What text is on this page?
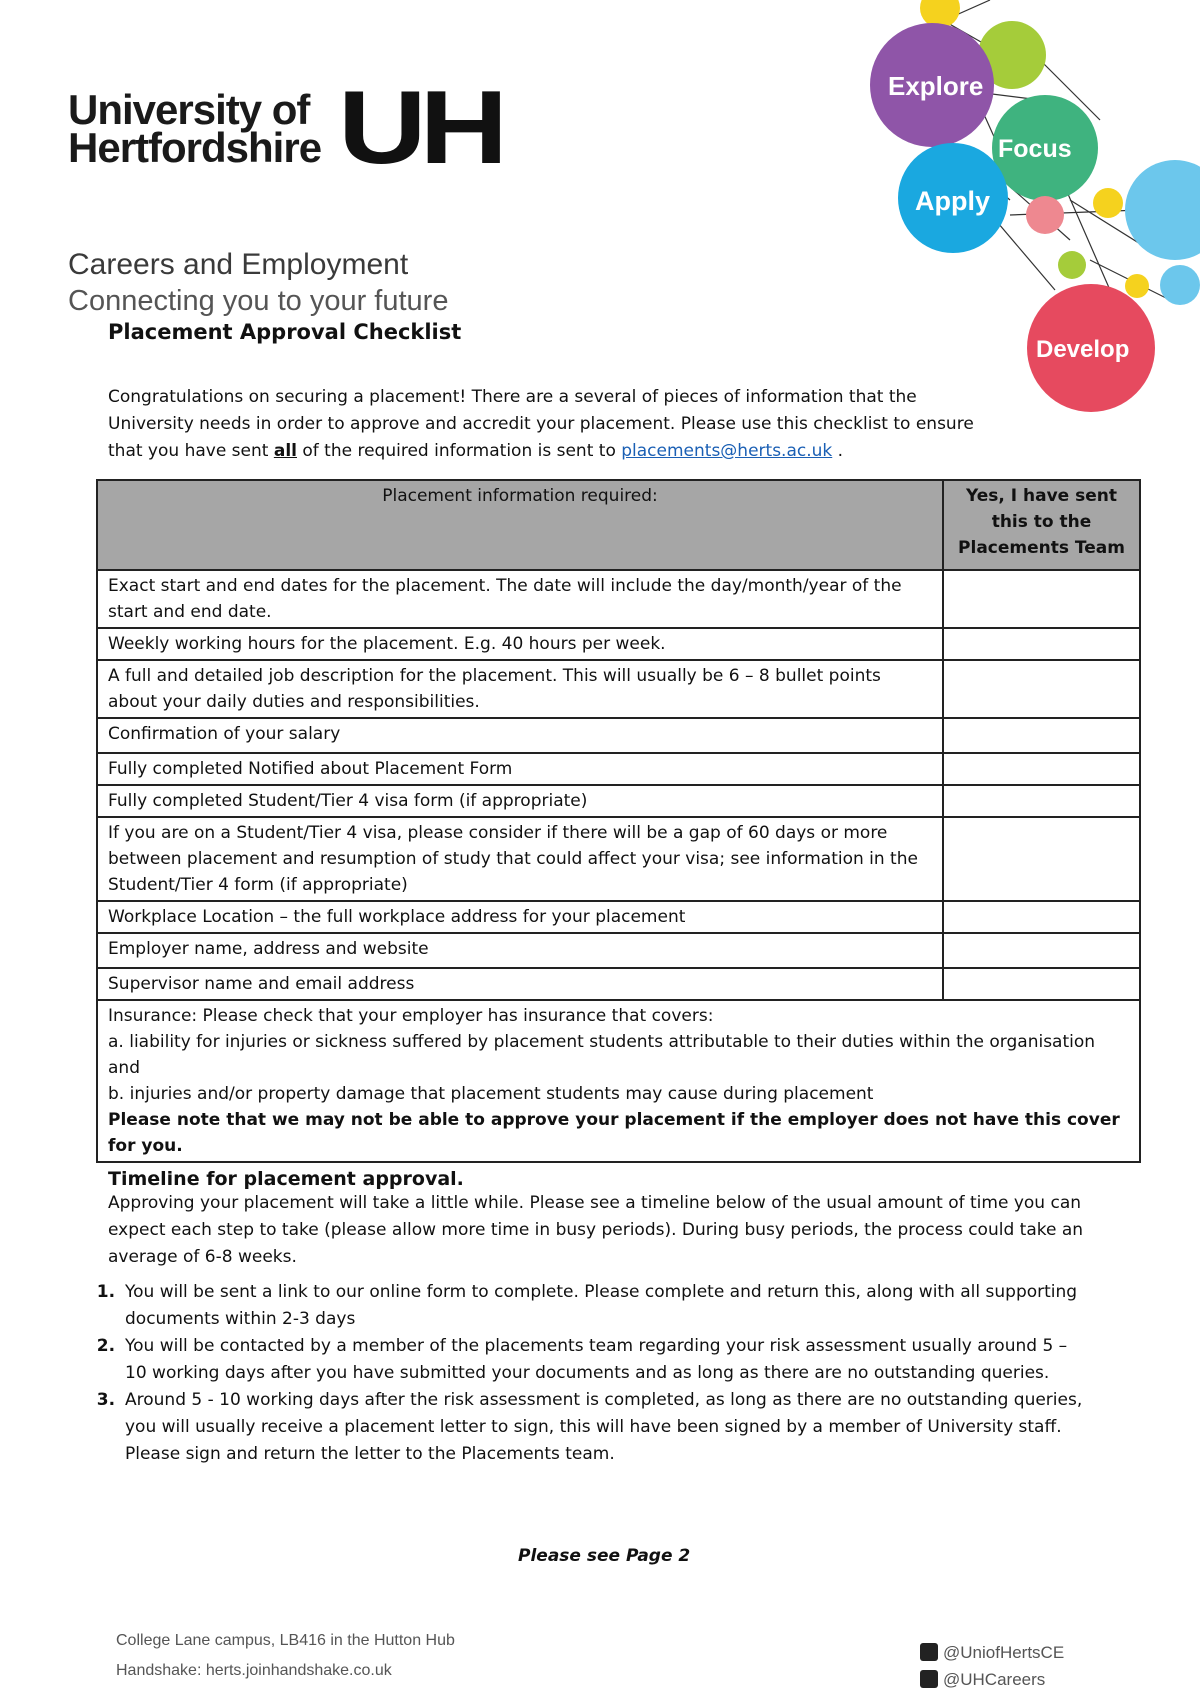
University of
Hertfordshire UH
Careers and Employment
Connecting you to your future
Explore
Focus
Apply
Develop
Placement Approval Checklist
Congratulations on securing a placement! There are a several of pieces of information that the University needs in order to approve and accredit your placement. Please use this checklist to ensure that you have sent all of the required information is sent to placements@herts.ac.uk .
Placement information required:	Yes, I have sent this to the Placements Team
Exact start and end dates for the placement. The date will include the day/month/year of the start and end date.	
Weekly working hours for the placement. E.g. 40 hours per week.	
A full and detailed job description for the placement. This will usually be 6 – 8 bullet points about your daily duties and responsibilities.	
Confirmation of your salary	
Fully completed Notified about Placement Form	
Fully completed Student/Tier 4 visa form (if appropriate)	
If you are on a Student/Tier 4 visa, please consider if there will be a gap of 60 days or more between placement and resumption of study that could affect your visa; see information in the Student/Tier 4 form (if appropriate)	
Workplace Location – the full workplace address for your placement	
Employer name, address and website	
Supervisor name and email address	

Insurance: Please check that your employer has insurance that covers:
a. liability for injuries or sickness suffered by placement students attributable to their duties within the organisation and
b. injuries and/or property damage that placement students may cause during placement
Please note that we may not be able to approve your placement if the employer does not have this cover for you.	
Timeline for placement approval.
Approving your placement will take a little while. Please see a timeline below of the usual amount of time you can expect each step to take (please allow more time in busy periods). During busy periods, the process could take an average of 6-8 weeks.
1. You will be sent a link to our online form to complete. Please complete and return this, along with all supporting documents within 2-3 days
2. You will be contacted by a member of the placements team regarding your risk assessment usually around 5 – 10 working days after you have submitted your documents and as long as there are no outstanding queries.
3. Around 5 - 10 working days after the risk assessment is completed, as long as there are no outstanding queries, you will usually receive a placement letter to sign, this will have been signed by a member of University staff. Please sign and return the letter to the Placements team.
Please see Page 2
College Lane campus, LB416 in the Hutton Hub
Handshake: herts.joinhandshake.co.uk
@UniofHertsCE
@UHCareers
